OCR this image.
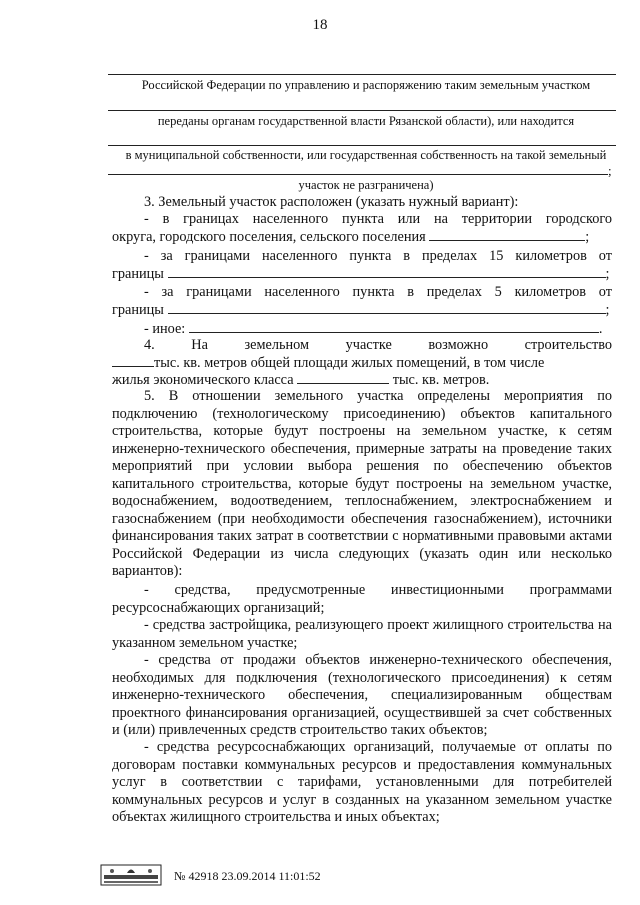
18
Российской Федерации по управлению и распоряжению таким земельным участком
переданы органам государственной власти Рязанской области), или находится
в муниципальной собственности, или государственная собственность на такой земельный
;
участок не разграничена)

3. Земельный участок расположен (указать нужный вариант):

- в границах населенного пункта или на территории городского

округа, городского поселения, сельского поселения	;

- за границами населенного пункта в пределах 15 километров от

границы	;

- за границами населенного пункта в пределах 5 километров от

границы	;
- иное:	.

4. На земельном участке возможно строительство

тыс. кв. метров общей площади жилых помещений, в том числе
жилья экономического класса	тыс. кв. метров.

5. В отношении земельного участка определены мероприятия по подключению (технологическому присоединению) объектов капитального строительства, которые будут построены на земельном участке, к сетям инженерно-технического обеспечения, примерные затраты на проведение таких мероприятий при условии выбора решения по обеспечению объектов капитального строительства, которые будут построены на земельном участке, водоснабжением, водоотведением, теплоснабжением, электроснабжением и газоснабжением (при необходимости обеспечения газоснабжением), источники финансирования таких затрат в соответствии с нормативными правовыми актами Российской Федерации из числа следующих (указать один или несколько вариантов):

- средства, предусмотренные инвестиционными программами ресурсоснабжающих организаций;

- средства застройщика, реализующего проект жилищного строительства на указанном земельном участке;

- средства от продажи объектов инженерно-технического обеспечения, необходимых для подключения (технологического присоединения) к сетям инженерно-технического обеспечения, специализированным обществам проектного финансирования организацией, осуществившей за счет собственных и (или) привлеченных средств строительство таких объектов;

- средства ресурсоснабжающих организаций, получаемые от оплаты по договорам поставки коммунальных ресурсов и предоставления коммунальных услуг в соответствии с тарифами, установленными для потребителей коммунальных ресурсов и услуг в созданных на указанном земельном участке объектах жилищного строительства и иных объектах;

№ 42918 23.09.2014 11:01:52
